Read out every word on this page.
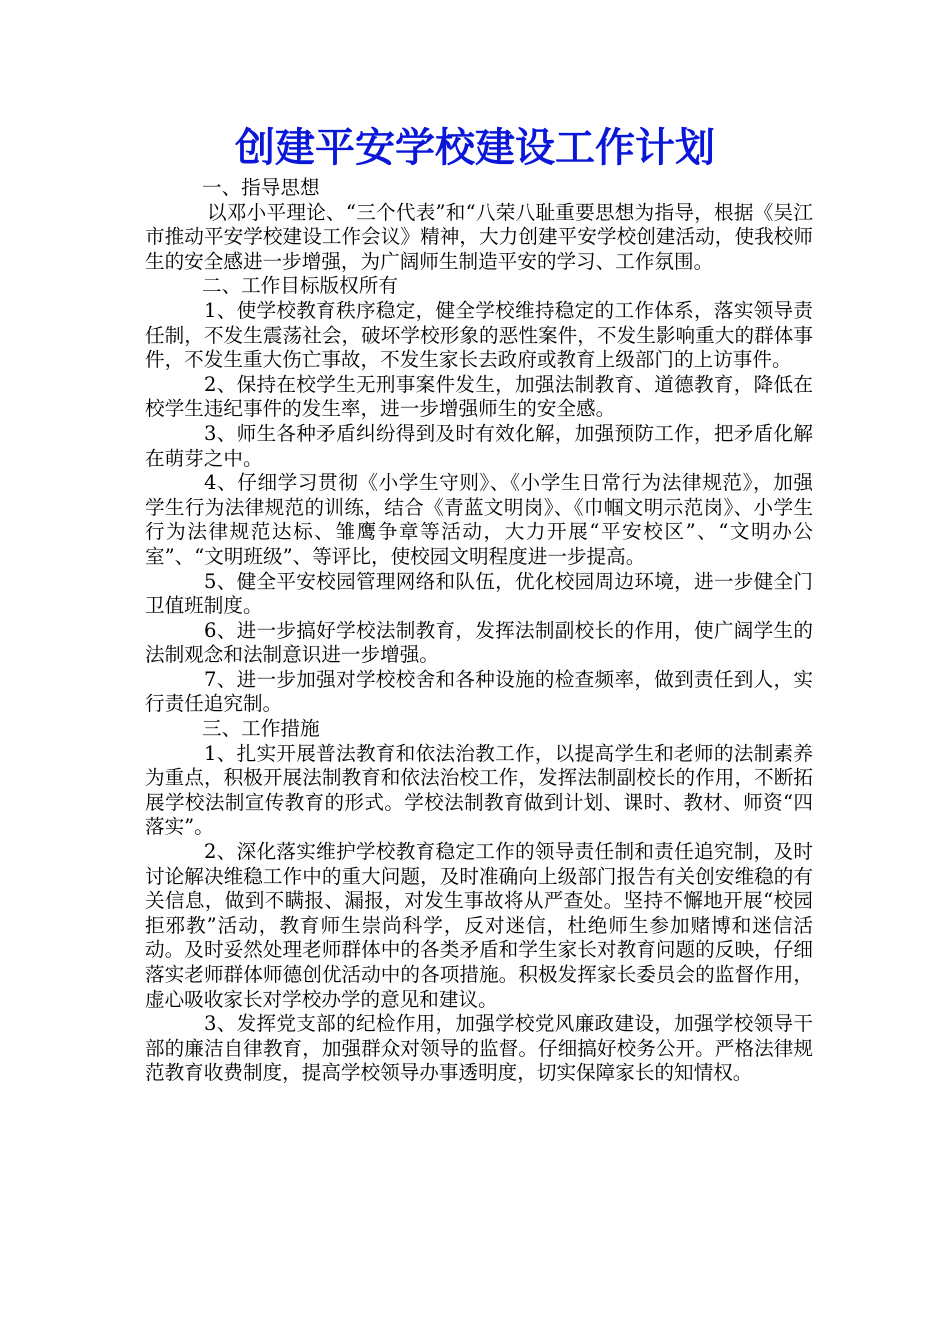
创建平安学校建设工作计划

一、指导思想

以邓小平理论、“三个代表”和“八荣八耻重要思想为指导，根据《吴江市推动平安学校建设工作会议》精神，大力创建平安学校创建活动，使我校师生的安全感进一步增强，为广阔师生制造平安的学习、工作氛围。

二、工作目标版权所有

1、使学校教育秩序稳定，健全学校维持稳定的工作体系，落实领导责任制，不发生震荡社会，破坏学校形象的恶性案件，不发生影响重大的群体事件，不发生重大伤亡事故，不发生家长去政府或教育上级部门的上访事件。

2、保持在校学生无刑事案件发生，加强法制教育、道德教育，降低在校学生违纪事件的发生率，进一步增强师生的安全感。

3、师生各种矛盾纠纷得到及时有效化解，加强预防工作，把矛盾化解在萌芽之中。

4、仔细学习贯彻《小学生守则》、《小学生日常行为法律规范》，加强学生行为法律规范的训练，结合《青蓝文明岗》、《巾帼文明示范岗》、小学生行为法律规范达标、雏鹰争章等活动，大力开展“平安校区”、“文明办公室”、“文明班级”、等评比，使校园文明程度进一步提高。

5、健全平安校园管理网络和队伍，优化校园周边环境，进一步健全门卫值班制度。

6、进一步搞好学校法制教育，发挥法制副校长的作用，使广阔学生的法制观念和法制意识进一步增强。

7、进一步加强对学校校舍和各种设施的检查频率，做到责任到人，实行责任追究制。

三、工作措施

1、扎实开展普法教育和依法治教工作，以提高学生和老师的法制素养为重点，积极开展法制教育和依法治校工作，发挥法制副校长的作用，不断拓展学校法制宣传教育的形式。学校法制教育做到计划、课时、教材、师资“四落实”。

2、深化落实维护学校教育稳定工作的领导责任制和责任追究制，及时讨论解决维稳工作中的重大问题，及时准确向上级部门报告有关创安维稳的有关信息，做到不瞒报、漏报，对发生事故将从严查处。坚持不懈地开展“校园拒邪教”活动，教育师生崇尚科学，反对迷信，杜绝师生参加赌博和迷信活动。及时妥然处理老师群体中的各类矛盾和学生家长对教育问题的反映，仔细落实老师群体师德创优活动中的各项措施。积极发挥家长委员会的监督作用，虚心吸收家长对学校办学的意见和建议。

3、发挥党支部的纪检作用，加强学校党风廉政建设，加强学校领导干部的廉洁自律教育，加强群众对领导的监督。仔细搞好校务公开。严格法律规范教育收费制度，提高学校领导办事透明度，切实保障家长的知情权。
